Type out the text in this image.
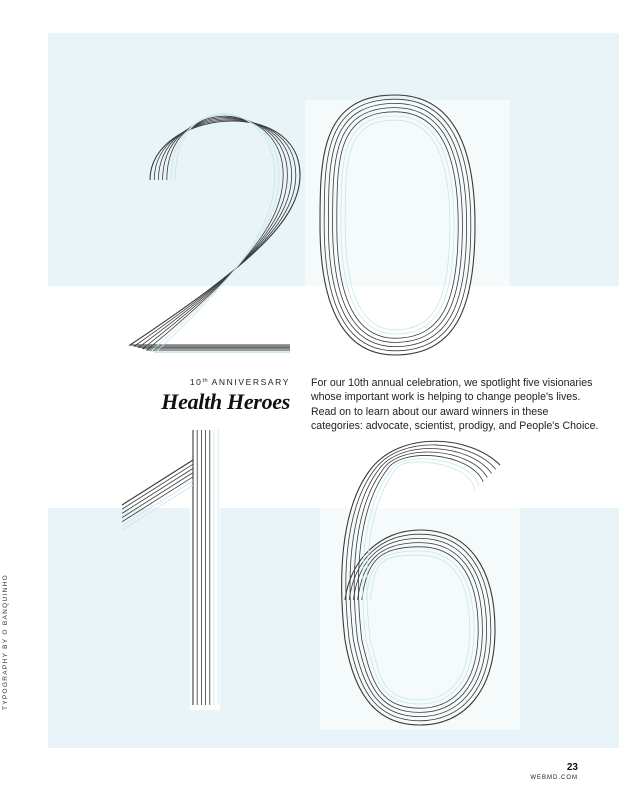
10th ANNIVERSARY
Health Heroes

For our 10th annual celebration, we spotlight five visionaries whose important work is helping to change people's lives. Read on to learn about our award winners in these categories: advocate, scientist, prodigy, and People's Choice.

TYPOGRAPHY BY O BANQUINHO
23
WEBMD.COM
